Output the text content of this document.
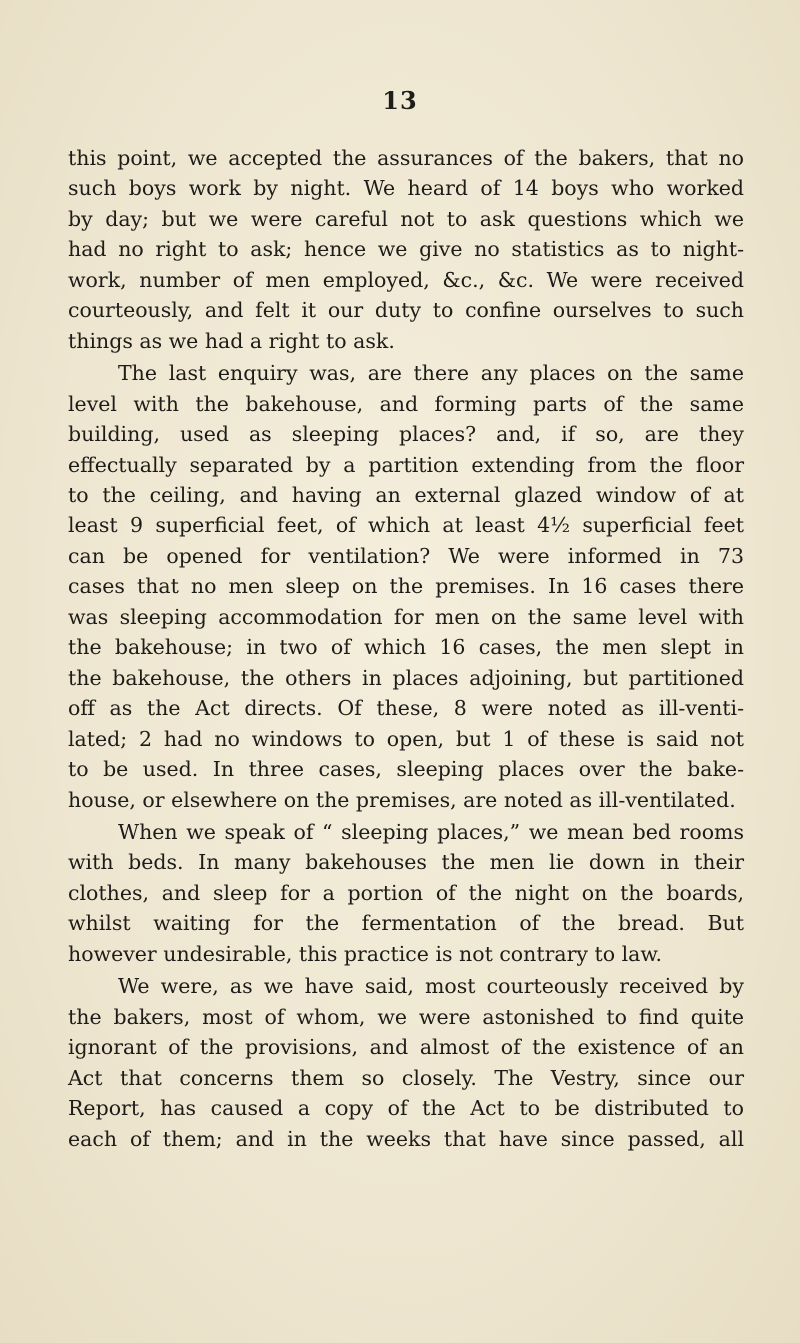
13

this point, we accepted the assurances of the bakers, that no
such boys work by night. We heard of 14 boys who worked
by day; but we were careful not to ask questions which we
had no right to ask; hence we give no statistics as to night-
work, number of men employed, &c., &c. We were received
courteously, and felt it our duty to confine ourselves to such
things as we had a right to ask.

The last enquiry was, are there any places on the same
level with the bakehouse, and forming parts of the same
building, used as sleeping places? and, if so, are they
effectually separated by a partition extending from the floor
to the ceiling, and having an external glazed window of at
least 9 superficial feet, of which at least 4½ superficial feet
can be opened for ventilation? We were informed in 73
cases that no men sleep on the premises. In 16 cases there
was sleeping accommodation for men on the same level with
the bakehouse; in two of which 16 cases, the men slept in
the bakehouse, the others in places adjoining, but partitioned
off as the Act directs. Of these, 8 were noted as ill-venti-
lated; 2 had no windows to open, but 1 of these is said not
to be used. In three cases, sleeping places over the bake-
house, or elsewhere on the premises, are noted as ill-ventilated.

When we speak of “ sleeping places,” we mean bed rooms
with beds. In many bakehouses the men lie down in their
clothes, and sleep for a portion of the night on the boards,
whilst waiting for the fermentation of the bread. But
however undesirable, this practice is not contrary to law.

We were, as we have said, most courteously received by
the bakers, most of whom, we were astonished to find quite
ignorant of the provisions, and almost of the existence of an
Act that concerns them so closely. The Vestry, since our
Report, has caused a copy of the Act to be distributed to
each of them; and in the weeks that have since passed, all
